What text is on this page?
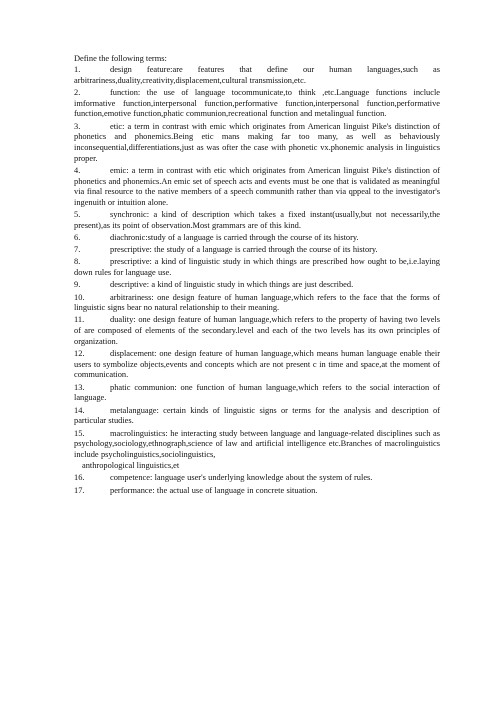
Define the following terms:
1.	design feature:are features that define our human languages,such as arbitrariness,duality,creativity,displacement,cultural transmission,etc.
2.	function: the use of language tocommunicate,to think ,etc.Language functions inclucle imformative function,interpersonal function,performative function,interpersonal function,performative function,emotive function,phatic communion,recreational function and metalingual function.
3.	etic: a term in contrast with emic which originates from American linguist Pike's distinction of phonetics and phonemics.Being etic mans making far too many, as well as behaviously inconsequential,differentiations,just as was ofter the case with phonetic vx.phonemic analysis in linguistics proper.
4.	emic: a term in contrast with etic which originates from American linguist Pike's distinction of phonetics and phonemics.An emic set of speech acts and events must be one that is validated as meaningful via final resource to the native members of a speech communith rather than via qppeal to the investigator's ingenuith or intuition alone.
5.	synchronic: a kind of description which takes a fixed instant(usually,but not necessarily,the present),as its point of observation.Most grammars are of this kind.
6.	diachronic:study of a language is carried through the course of its history.
7.	prescriptive: the study of a language is carried through the course of its history.
8.	prescriptive: a kind of linguistic study in which things are prescribed how ought to be,i.e.laying down rules for language use.
9.	descriptive: a kind of linguistic study in which things are just described.
10.	arbitrariness: one design feature of human language,which refers to the face that the forms of linguistic signs bear no natural relationship to their meaning.
11.	duality: one design feature of human language,which refers to the property of having two levels of are composed of elements of the secondary.level and each of the two levels has its own principles of organization.
12.	displacement: one design feature of human language,which means human language enable their users to symbolize objects,events and concepts which are not present c in time and space,at the moment of communication.
13.	phatic communion: one function of human language,which refers to the social interaction of language.
14.	metalanguage: certain kinds of linguistic signs or terms for the analysis and description of particular studies.
15.	macrolinguistics: he interacting study between language and language-related disciplines such as psychology,sociology,ethnograph,science of law and artificial intelligence etc.Branches of macrolinguistics include psycholinguistics,sociolinguistics,
anthropological linguistics,et
16.	competence: language user's underlying knowledge about the system of rules.
17.	performance: the actual use of language in concrete situation.
